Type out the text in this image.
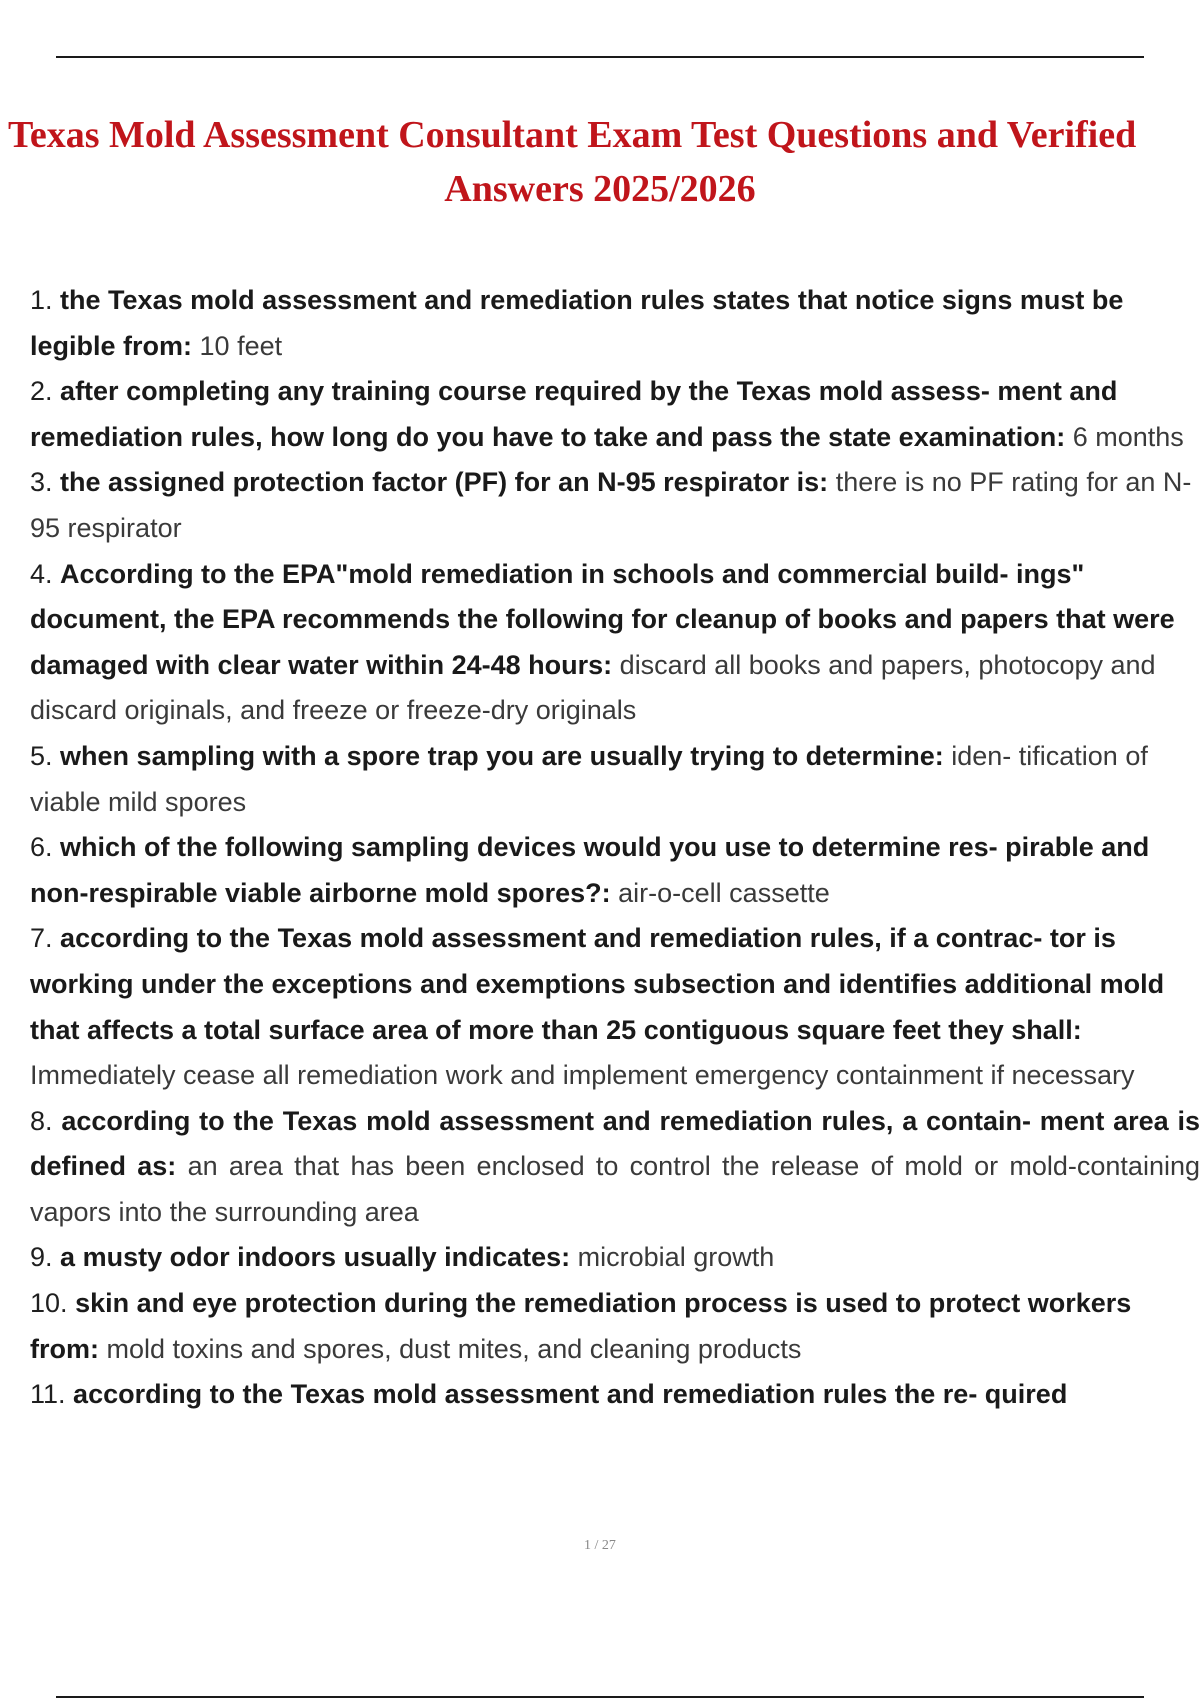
Texas Mold Assessment Consultant Exam Test Questions and Verified
Answers 2025/2026
1. the Texas mold assessment and remediation rules states that notice signs must be legible from: 10 feet
2. after completing any training course required by the Texas mold assess- ment and remediation rules, how long do you have to take and pass the state examination: 6 months
3. the assigned protection factor (PF) for an N-95 respirator is: there is no PF rating for an N-95 respirator
4. According to the EPA"mold remediation in schools and commercial build- ings" document, the EPA recommends the following for cleanup of books and papers that were damaged with clear water within 24-48 hours: discard all books and papers, photocopy and discard originals, and freeze or freeze-dry originals
5. when sampling with a spore trap you are usually trying to determine: iden- tification of viable mild spores
6. which of the following sampling devices would you use to determine res- pirable and non-respirable viable airborne mold spores?: air-o-cell cassette
7. according to the Texas mold assessment and remediation rules, if a contrac- tor is working under the exceptions and exemptions subsection and identifies additional mold that affects a total surface area of more than 25 contiguous square feet they shall: Immediately cease all remediation work and implement emergency containment if necessary
8. according to the Texas mold assessment and remediation rules, a contain- ment area is defined as: an area that has been enclosed to control the release of mold or mold-containing vapors into the surrounding area
9. a musty odor indoors usually indicates: microbial growth
10. skin and eye protection during the remediation process is used to protect workers from: mold toxins and spores, dust mites, and cleaning products
11. according to the Texas mold assessment and remediation rules the re- quired
1 / 27
